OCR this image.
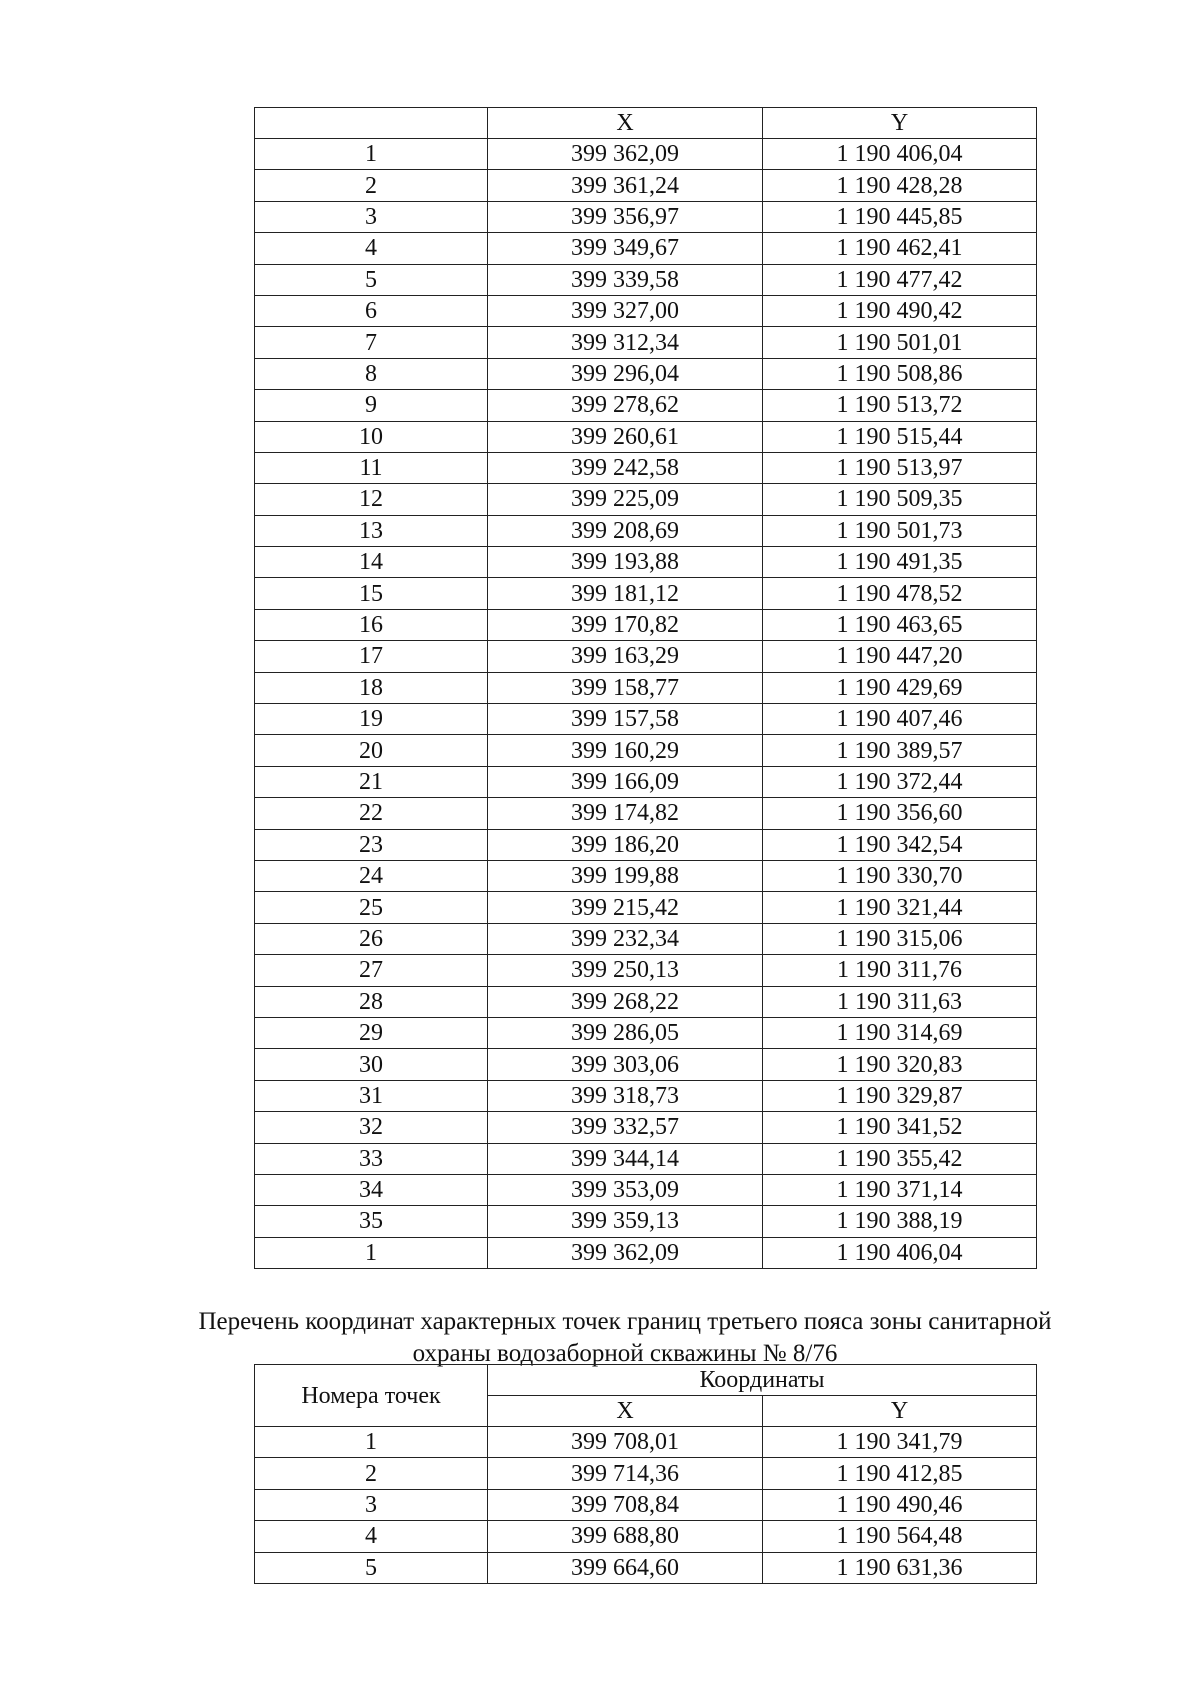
	X	Y
1	399 362,09	1 190 406,04
2	399 361,24	1 190 428,28
3	399 356,97	1 190 445,85
4	399 349,67	1 190 462,41
5	399 339,58	1 190 477,42
6	399 327,00	1 190 490,42
7	399 312,34	1 190 501,01
8	399 296,04	1 190 508,86
9	399 278,62	1 190 513,72
10	399 260,61	1 190 515,44
11	399 242,58	1 190 513,97
12	399 225,09	1 190 509,35
13	399 208,69	1 190 501,73
14	399 193,88	1 190 491,35
15	399 181,12	1 190 478,52
16	399 170,82	1 190 463,65
17	399 163,29	1 190 447,20
18	399 158,77	1 190 429,69
19	399 157,58	1 190 407,46
20	399 160,29	1 190 389,57
21	399 166,09	1 190 372,44
22	399 174,82	1 190 356,60
23	399 186,20	1 190 342,54
24	399 199,88	1 190 330,70
25	399 215,42	1 190 321,44
26	399 232,34	1 190 315,06
27	399 250,13	1 190 311,76
28	399 268,22	1 190 311,63
29	399 286,05	1 190 314,69
30	399 303,06	1 190 320,83
31	399 318,73	1 190 329,87
32	399 332,57	1 190 341,52
33	399 344,14	1 190 355,42
34	399 353,09	1 190 371,14
35	399 359,13	1 190 388,19
1	399 362,09	1 190 406,04
Перечень координат характерных точек границ третьего пояса зоны санитарной
охраны водозаборной скважины № 8/76
Номера точек	Координаты	
	X	Y
1	399 708,01	1 190 341,79
2	399 714,36	1 190 412,85
3	399 708,84	1 190 490,46
4	399 688,80	1 190 564,48
5	399 664,60	1 190 631,36
